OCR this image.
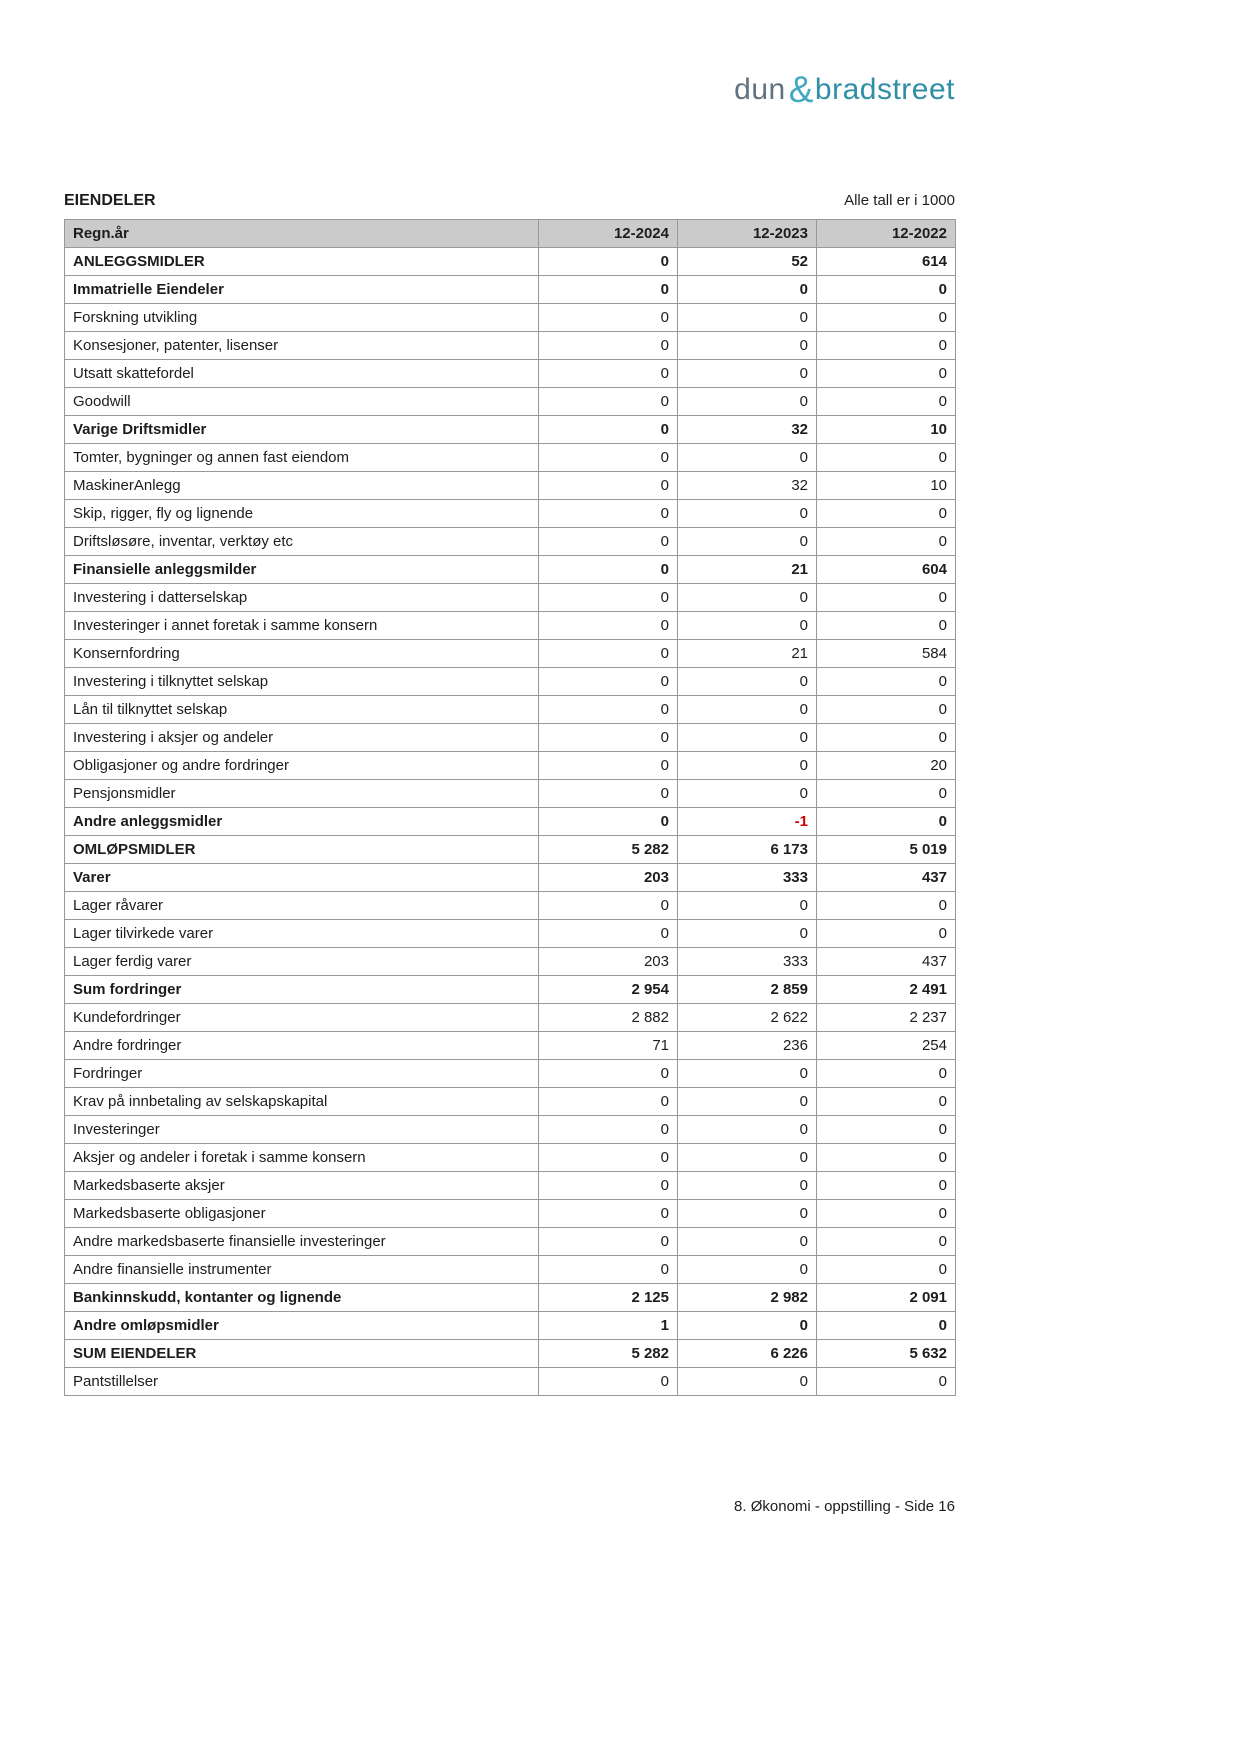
dun&bradstreet
EIENDELER	Alle tall er i 1000
Regn.år	12-2024	12-2023	12-2022
ANLEGGSMIDLER	0	52	614
Immatrielle Eiendeler	0	0	0
Forskning utvikling	0	0	0
Konsesjoner, patenter, lisenser	0	0	0
Utsatt skattefordel	0	0	0
Goodwill	0	0	0
Varige Driftsmidler	0	32	10
Tomter, bygninger og annen fast eiendom	0	0	0
MaskinerAnlegg	0	32	10
Skip, rigger, fly og lignende	0	0	0
Driftsløsøre, inventar, verktøy etc	0	0	0
Finansielle anleggsmilder	0	21	604
Investering i datterselskap	0	0	0
Investeringer i annet foretak i samme konsern	0	0	0
Konsernfordring	0	21	584
Investering i tilknyttet selskap	0	0	0
Lån til tilknyttet selskap	0	0	0
Investering i aksjer og andeler	0	0	0
Obligasjoner og andre fordringer	0	0	20
Pensjonsmidler	0	0	0
Andre anleggsmidler	0	-1	0
OMLØPSMIDLER	5 282	6 173	5 019
Varer	203	333	437
Lager råvarer	0	0	0
Lager tilvirkede varer	0	0	0
Lager ferdig varer	203	333	437
Sum fordringer	2 954	2 859	2 491
Kundefordringer	2 882	2 622	2 237
Andre fordringer	71	236	254
Fordringer	0	0	0
Krav på innbetaling av selskapskapital	0	0	0
Investeringer	0	0	0
Aksjer og andeler i foretak i samme konsern	0	0	0
Markedsbaserte aksjer	0	0	0
Markedsbaserte obligasjoner	0	0	0
Andre markedsbaserte finansielle investeringer	0	0	0
Andre finansielle instrumenter	0	0	0
Bankinnskudd, kontanter og lignende	2 125	2 982	2 091
Andre omløpsmidler	1	0	0
SUM EIENDELER	5 282	6 226	5 632
Pantstillelser	0	0	0
8. Økonomi - oppstilling - Side 16
